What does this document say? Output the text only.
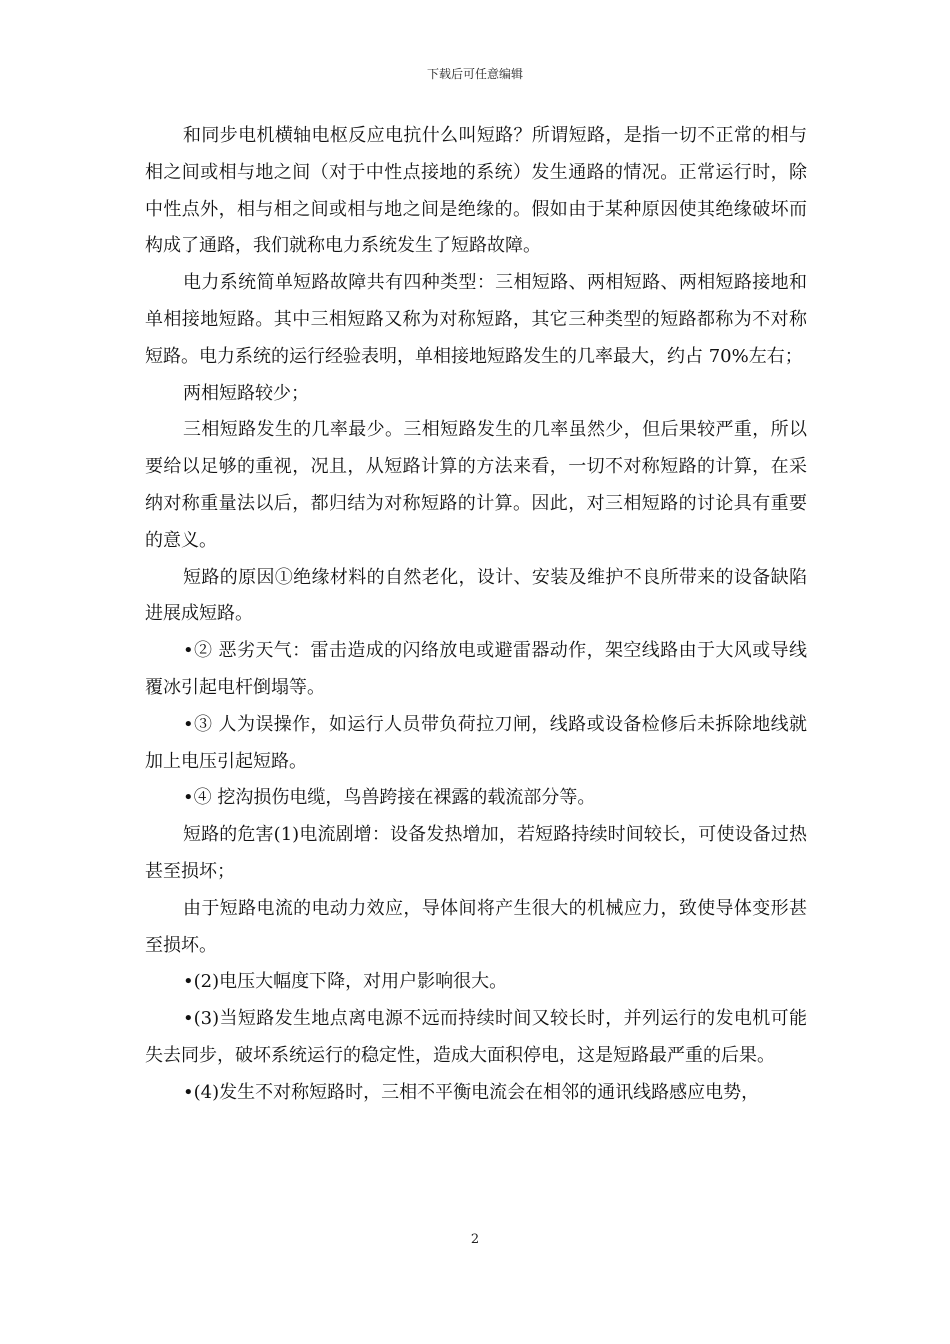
下载后可任意编辑

和同步电机横轴电枢反应电抗什么叫短路？所谓短路，是指一切不正常的相与相之间或相与地之间（对于中性点接地的系统）发生通路的情况。正常运行时，除中性点外，相与相之间或相与地之间是绝缘的。假如由于某种原因使其绝缘破坏而构成了通路，我们就称电力系统发生了短路故障。

电力系统简单短路故障共有四种类型：三相短路、两相短路、两相短路接地和单相接地短路。其中三相短路又称为对称短路，其它三种类型的短路都称为不对称短路。电力系统的运行经验表明，单相接地短路发生的几率最大，约占 70%左右；

两相短路较少；

三相短路发生的几率最少。三相短路发生的几率虽然少，但后果较严重，所以要给以足够的重视，况且，从短路计算的方法来看，一切不对称短路的计算，在采纳对称重量法以后，都归结为对称短路的计算。因此，对三相短路的讨论具有重要的意义。

短路的原因①绝缘材料的自然老化，设计、安装及维护不良所带来的设备缺陷进展成短路。

•② 恶劣天气：雷击造成的闪络放电或避雷器动作，架空线路由于大风或导线覆冰引起电杆倒塌等。

•③ 人为误操作，如运行人员带负荷拉刀闸，线路或设备检修后未拆除地线就加上电压引起短路。

•④ 挖沟损伤电缆，鸟兽跨接在裸露的载流部分等。

短路的危害(1)电流剧增：设备发热增加，若短路持续时间较长，可使设备过热甚至损坏；

由于短路电流的电动力效应，导体间将产生很大的机械应力，致使导体变形甚至损坏。

•(2)电压大幅度下降，对用户影响很大。

•(3)当短路发生地点离电源不远而持续时间又较长时，并列运行的发电机可能失去同步，破坏系统运行的稳定性，造成大面积停电，这是短路最严重的后果。

•(4)发生不对称短路时，三相不平衡电流会在相邻的通讯线路感应电势，

2
